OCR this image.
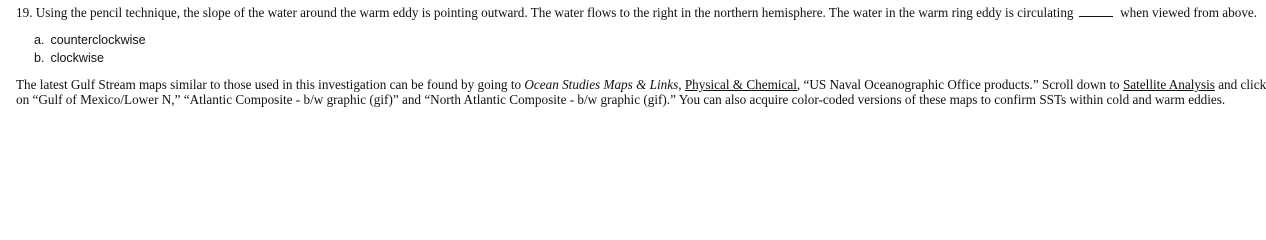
19. Using the pencil technique, the slope of the water around the warm eddy is pointing outward. The water flows to the right in the northern hemisphere. The water in the warm ring eddy is circulating	when viewed from above.
a. counterclockwise
b. clockwise
The latest Gulf Stream maps similar to those used in this investigation can be found by going to Ocean Studies Maps & Links, Physical & Chemical, “US Naval Oceanographic Office products.” Scroll down to Satellite Analysis and click
on “Gulf of Mexico/Lower N,” “Atlantic Composite - b/w graphic (gif)” and “North Atlantic Composite - b/w graphic (gif).” You can also acquire color-coded versions of these maps to confirm SSTs within cold and warm eddies.
